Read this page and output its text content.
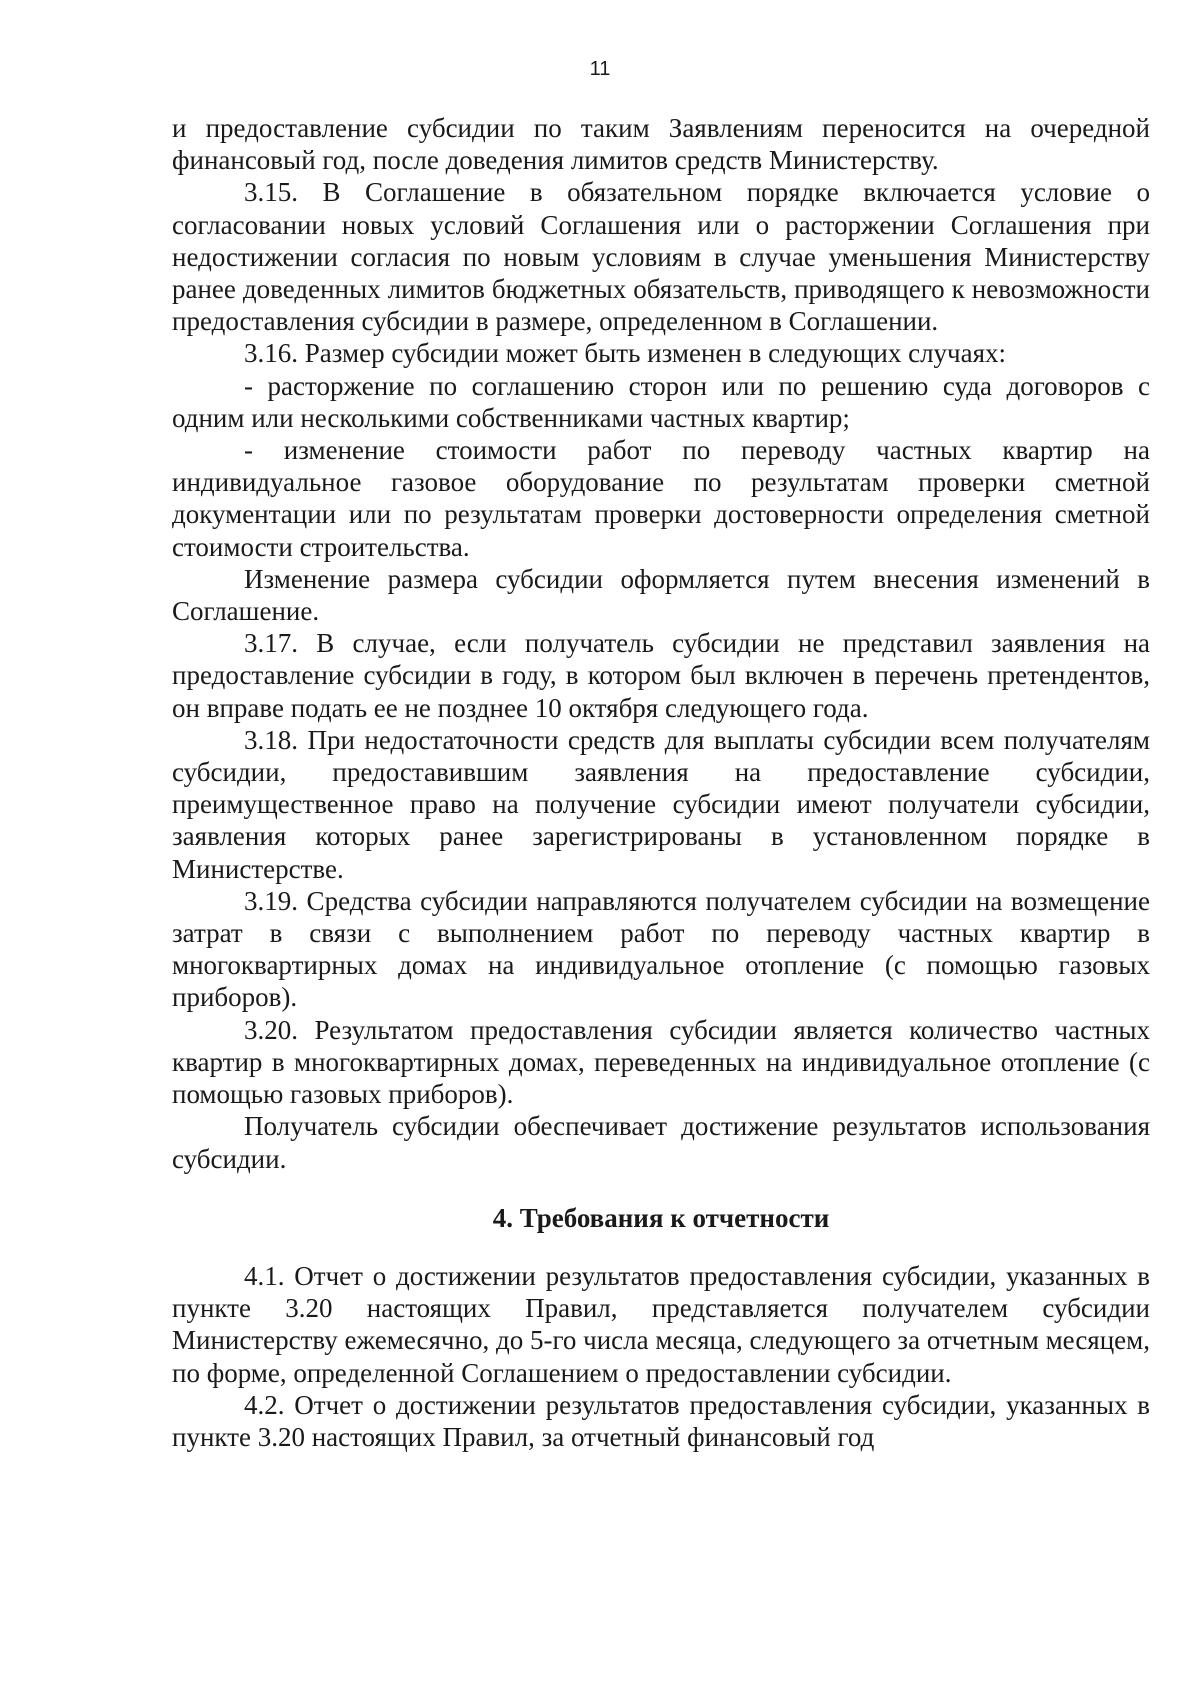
11

и предоставление субсидии по таким Заявлениям переносится на очередной финансовый год, после доведения лимитов средств Министерству.

3.15. В Соглашение в обязательном порядке включается условие о согласовании новых условий Соглашения или о расторжении Соглашения при недостижении согласия по новым условиям в случае уменьшения Министерству ранее доведенных лимитов бюджетных обязательств, приводящего к невозможности предоставления субсидии в размере, определенном в Соглашении.

3.16. Размер субсидии может быть изменен в следующих случаях:

- расторжение по соглашению сторон или по решению суда договоров с одним или несколькими собственниками частных квартир;

- изменение стоимости работ по переводу частных квартир на индивидуальное газовое оборудование по результатам проверки сметной документации или по результатам проверки достоверности определения сметной стоимости строительства.

Изменение размера субсидии оформляется путем внесения изменений в Соглашение.

3.17. В случае, если получатель субсидии не представил заявления на предоставление субсидии в году, в котором был включен в перечень претендентов, он вправе подать ее не позднее 10 октября следующего года.

3.18. При недостаточности средств для выплаты субсидии всем получателям субсидии, предоставившим заявления на предоставление субсидии, преимущественное право на получение субсидии имеют получатели субсидии, заявления которых ранее зарегистрированы в установленном порядке в Министерстве.

3.19. Средства субсидии направляются получателем субсидии на возмещение затрат в связи с выполнением работ по переводу частных квартир в многоквартирных домах на индивидуальное отопление (с помощью газовых приборов).

3.20. Результатом предоставления субсидии является количество частных квартир в многоквартирных домах, переведенных на индивидуальное отопление (с помощью газовых приборов).

Получатель субсидии обеспечивает достижение результатов использования субсидии.

4. Требования к отчетности

4.1. Отчет о достижении результатов предоставления субсидии, указанных в пункте 3.20 настоящих Правил, представляется получателем субсидии Министерству ежемесячно, до 5-го числа месяца, следующего за отчетным месяцем, по форме, определенной Соглашением о предоставлении субсидии.

4.2. Отчет о достижении результатов предоставления субсидии, указанных в пункте 3.20 настоящих Правил, за отчетный финансовый год
